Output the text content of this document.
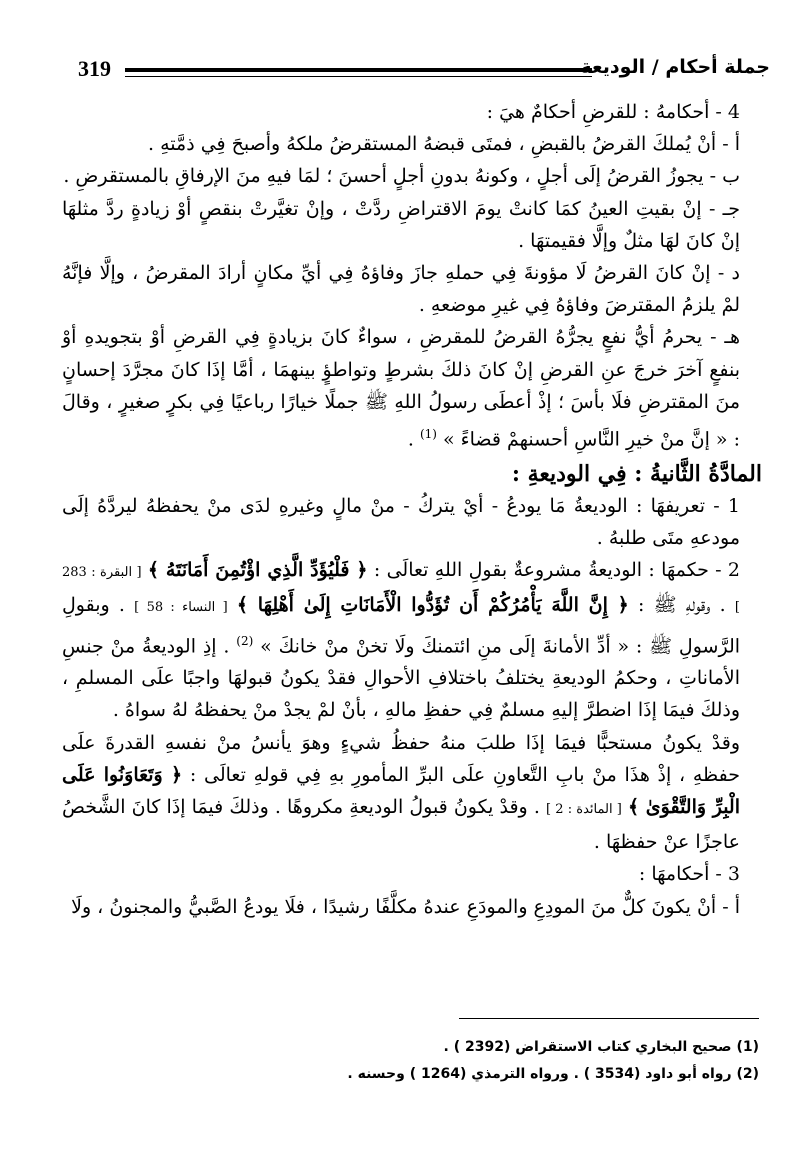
جملة أحكام / الوديعة
319

4 - أحكامهُ : للقرضِ أحكامٌ هيَ :

أ - أنْ يُملكَ القرضُ بالقبضِ ، فمتَى قبضهُ المستقرضُ ملكهُ وأصبحَ فِي ذمَّتهِ .

ب - يجوزُ القرضُ إلَى أجلٍ ، وكونهُ بدونِ أجلٍ أحسنَ ؛ لمَا فيهِ منَ الإرفاقِ بالمستقرضِ .

جـ - إنْ بقيتِ العينُ كمَا كانتْ يومَ الاقتراضِ ردَّتْ ، وإنْ تغيَّرتْ بنقصٍ أوْ زيادةٍ ردَّ مثلهَا إنْ كانَ لهَا مثلٌ وإلَّا فقيمتهَا .

د - إنْ كانَ القرضُ لَا مؤونةَ فِي حملهِ جازَ وفاؤهُ فِي أيِّ مكانٍ أرادَ المقرضُ ، وإلَّا فإنَّهُ لمْ يلزمُ المقترضَ وفاؤهُ فِي غيرِ موضعهِ .

هـ - يحرمُ أيُّ نفعٍ يجرُّهُ القرضُ للمقرضِ ، سواءٌ كانَ بزيادةٍ فِي القرضِ أوْ بتجويدهِ أوْ بنفعٍ آخرَ خرجَ عنِ القرضِ إنْ كانَ ذلكَ بشرطٍ وتواطؤٍ بينهمَا ، أمَّا إذَا كانَ مجرَّدَ إحسانٍ منَ المقترضِ فلَا بأسَ ؛ إذْ أعطَى رسولُ اللهِ ﷺ جملًا خيارًا رباعيًا فِي بكرٍ صغيرٍ ، وقالَ : « إنَّ منْ خيرِ النَّاسِ أحسنهمْ قضاءً » $^{(1)}$ .

المادَّةُ الثَّانيةُ : فِي الوديعةِ :

1 - تعريفهَا : الوديعةُ مَا يودعُ - أيْ يتركُ - منْ مالٍ وغيرهِ لدَى منْ يحفظهُ ليردَّهُ إلَى مودعهِ متَى طلبهُ .

2 - حكمهَا : الوديعةُ مشروعةٌ بقولِ اللهِ تعالَى : ﴿ فَلْيُؤَدِّ الَّذِي اؤْتُمِنَ أَمَانَتَهُ ﴾ [ البقرة : 283 ] . وقولهِ ﷺ : ﴿ إِنَّ اللَّهَ يَأْمُرُكُمْ أَن تُؤَدُّوا الْأَمَانَاتِ إِلَىٰ أَهْلِهَا ﴾ [ النساء : 58 ] . وبقولِ الرَّسولِ ﷺ : « أدِّ الأمانةَ إلَى منِ ائتمنكَ ولَا تخنْ منْ خانكَ » $^{(2)}$ . إذِ الوديعةُ منْ جنسِ الأماناتِ ، وحكمُ الوديعةِ يختلفُ باختلافِ الأحوالِ فقدْ يكونُ قبولهَا واجبًا علَى المسلمِ ، وذلكَ فيمَا إذَا اضطرَّ إليهِ مسلمٌ فِي حفظِ مالهِ ، بأنْ لمْ يجدْ منْ يحفظهُ لهُ سواهُ .

وقدْ يكونُ مستحبًّا فيمَا إذَا طلبَ منهُ حفظُ شيءٍ وهوَ يأنسُ منْ نفسهِ القدرةَ علَى حفظهِ ، إذْ هذَا منْ بابِ التَّعاونِ علَى البرِّ المأمورِ بهِ فِي قولهِ تعالَى : ﴿ وَتَعَاوَنُوا عَلَى الْبِرِّ وَالتَّقْوَىٰ ﴾ [ المائدة : 2 ] . وقدْ يكونُ قبولُ الوديعةِ مكروهًا . وذلكَ فيمَا إذَا كانَ الشَّخصُ عاجزًا عنْ حفظهَا .

3 - أحكامهَا :

أ - أنْ يكونَ كلٌّ منَ المودِعِ والمودَعِ عندهُ مكلَّفًا رشيدًا ، فلَا يودعُ الصَّبيُّ والمجنونُ ، ولَا

(1) صحيح البخاري كتاب الاستقراض (2392 ) .
(2) رواه أبو داود (3534 ) . ورواه الترمذي (1264 ) وحسنه .
